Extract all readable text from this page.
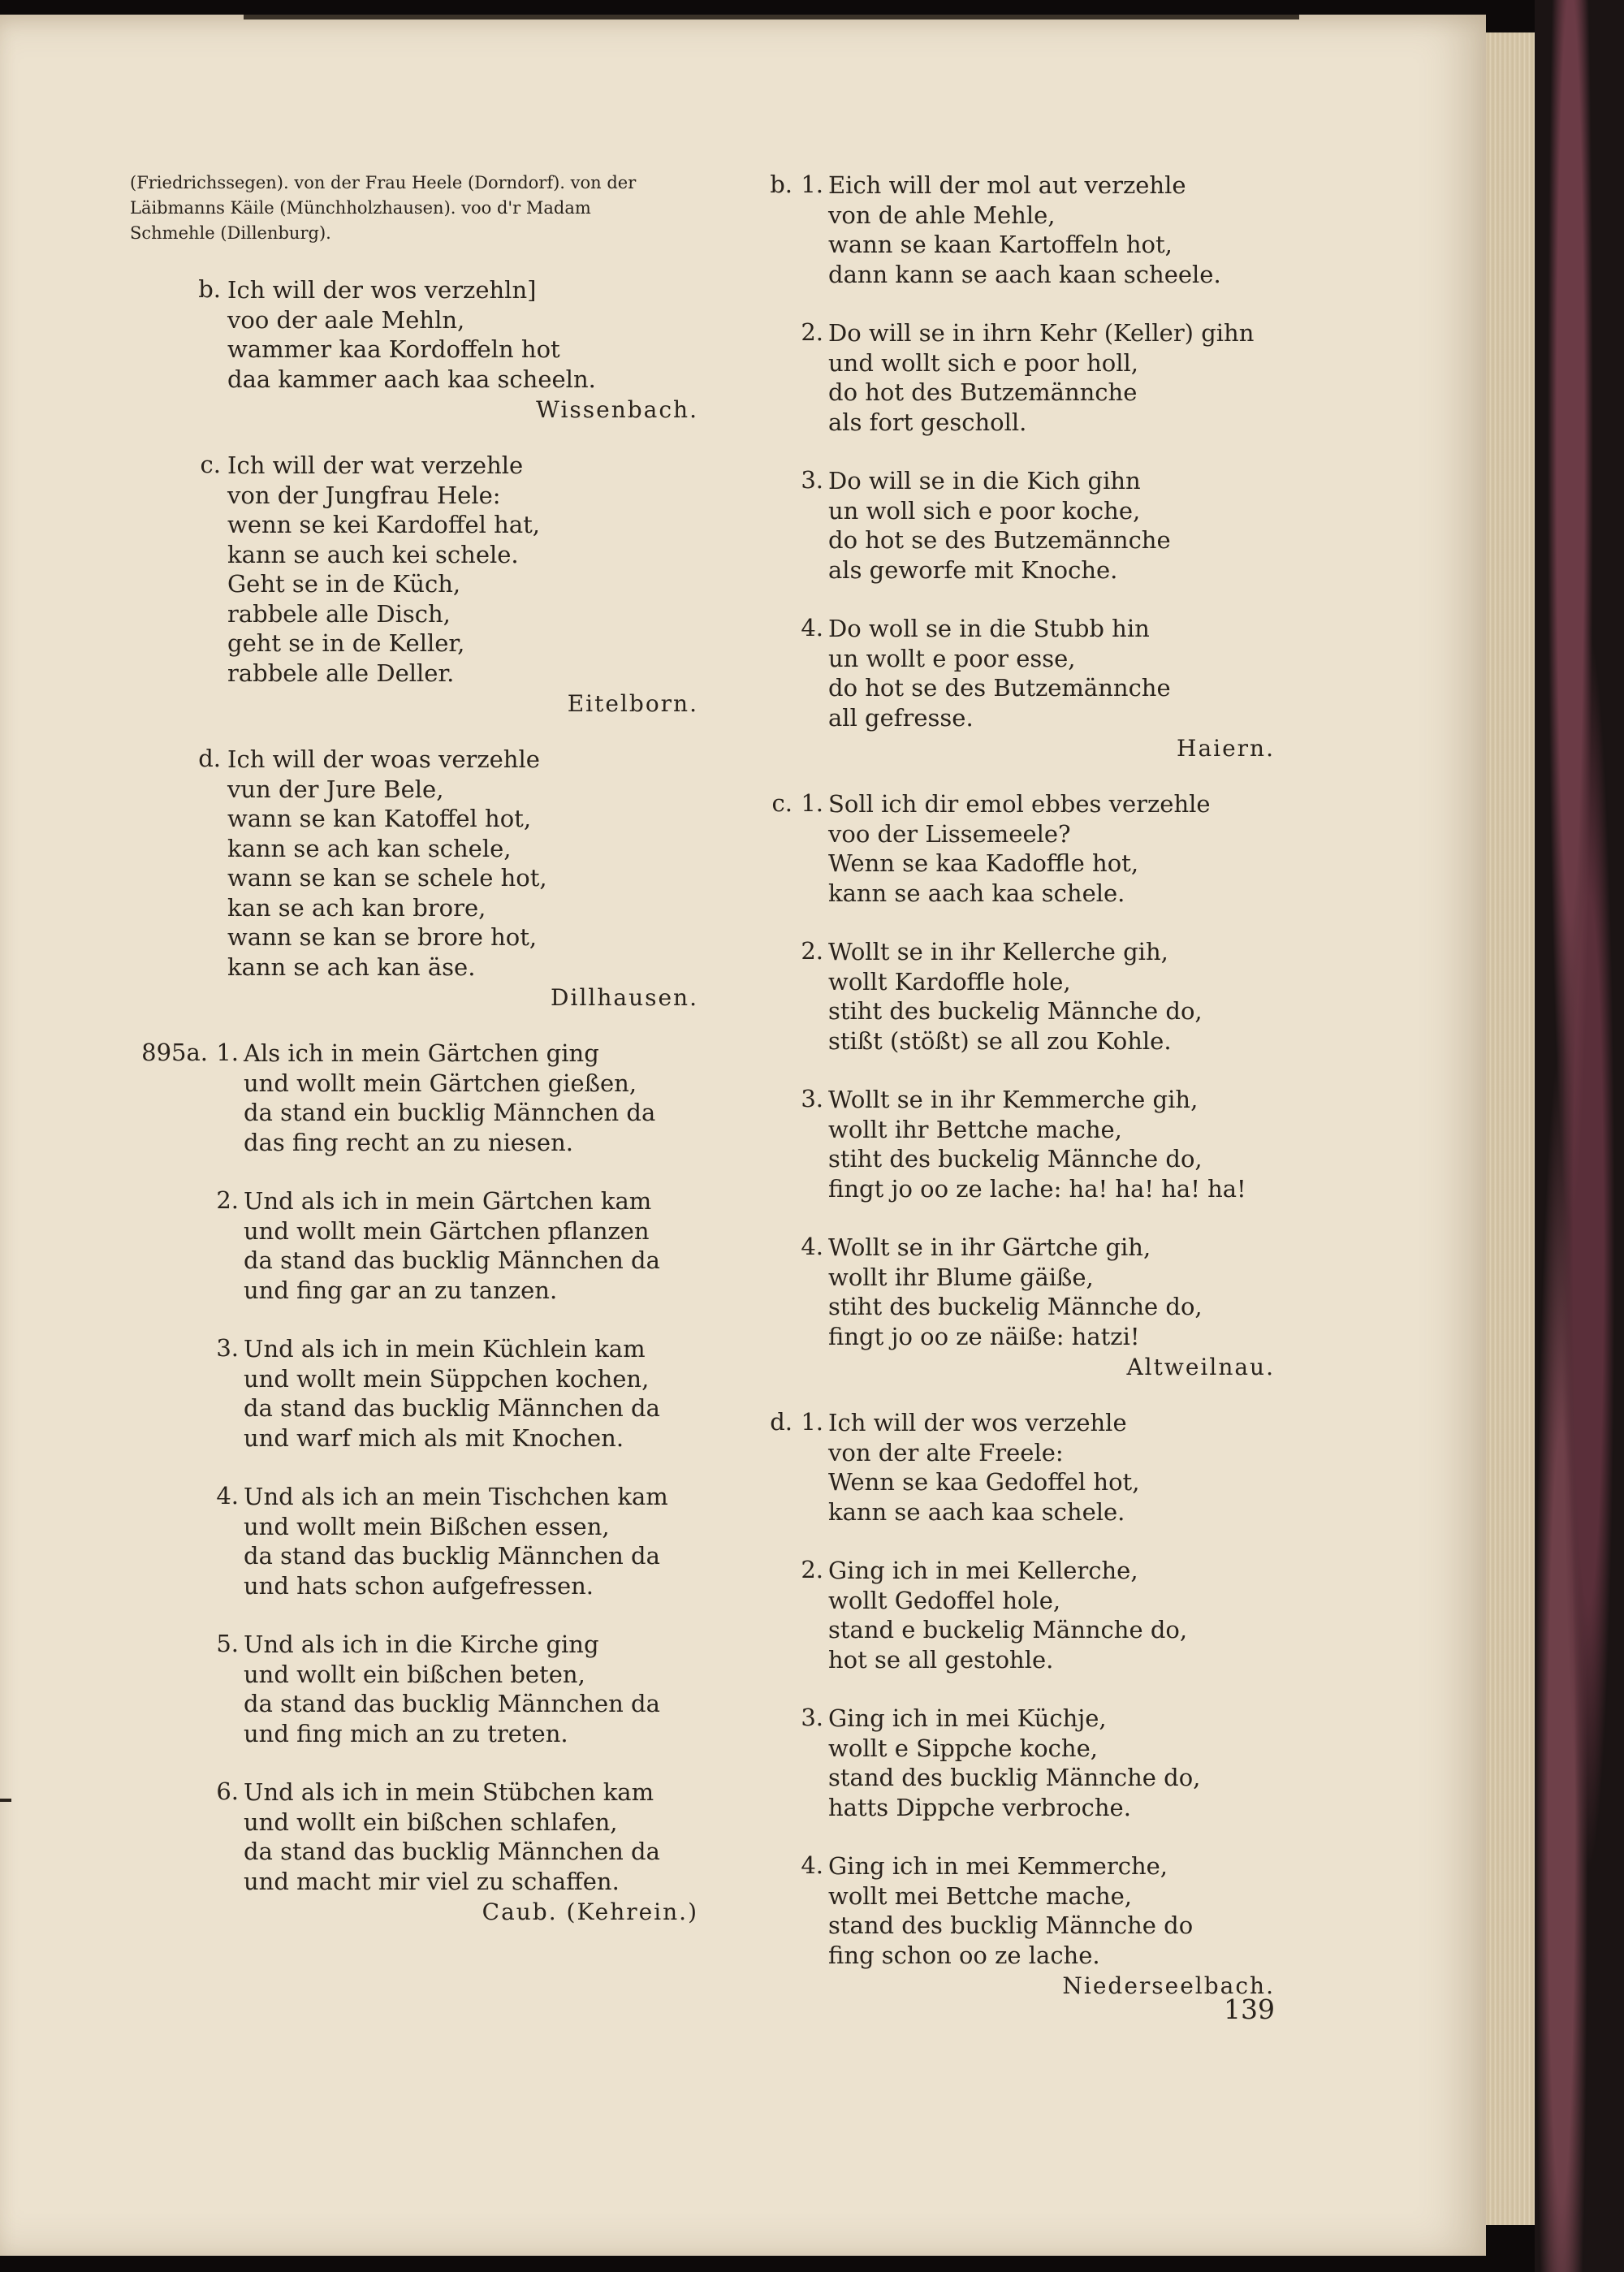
(Friedrichssegen). von der Frau Heele (Dorndorf). von der Läibmanns Käile (Münchholzhausen). voo d'r Madam Schmehle (Dillenburg).
b. Ich will der wos verzehln]
voo der aale Mehln,
wammer kaa Kordoffeln hot
daa kammer aach kaa scheeln.
Wissenbach.
c. Ich will der wat verzehle
von der Jungfrau Hele:
wenn se kei Kardoffel hat,
kann se auch kei schele.
Geht se in de Küch,
rabbele alle Disch,
geht se in de Keller,
rabbele alle Deller.
Eitelborn.
d. Ich will der woas verzehle
vun der Jure Bele,
wann se kan Katoffel hot,
kann se ach kan schele,
wann se kan se schele hot,
kan se ach kan brore,
wann se kan se brore hot,
kann se ach kan äse.
Dillhausen.
895a. 1. Als ich in mein Gärtchen ging
und wollt mein Gärtchen gießen,
da stand ein bucklig Männchen da
das fing recht an zu niesen.
2. Und als ich in mein Gärtchen kam
und wollt mein Gärtchen pflanzen
da stand das bucklig Männchen da
und fing gar an zu tanzen.
3. Und als ich in mein Küchlein kam
und wollt mein Süppchen kochen,
da stand das bucklig Männchen da
und warf mich als mit Knochen.
4. Und als ich an mein Tischchen kam
und wollt mein Bißchen essen,
da stand das bucklig Männchen da
und hats schon aufgefressen.
5. Und als ich in die Kirche ging
und wollt ein bißchen beten,
da stand das bucklig Männchen da
und fing mich an zu treten.
6. Und als ich in mein Stübchen kam
und wollt ein bißchen schlafen,
da stand das bucklig Männchen da
und macht mir viel zu schaffen.
Caub. (Kehrein.)
b. 1. Eich will der mol aut verzehle
von de ahle Mehle,
wann se kaan Kartoffeln hot,
dann kann se aach kaan scheele.
2. Do will se in ihrn Kehr (Keller) gihn
und wollt sich e poor holl,
do hot des Butzemännche
als fort gescholl.
3. Do will se in die Kich gihn
un woll sich e poor koche,
do hot se des Butzemännche
als geworfe mit Knoche.
4. Do woll se in die Stubb hin
un wollt e poor esse,
do hot se des Butzemännche
all gefresse.
Haiern.
c. 1. Soll ich dir emol ebbes verzehle
voo der Lissemeele?
Wenn se kaa Kadoffle hot,
kann se aach kaa schele.
2. Wollt se in ihr Kellerche gih,
wollt Kardoffle hole,
stiht des buckelig Männche do,
stißt (stößt) se all zou Kohle.
3. Wollt se in ihr Kemmerche gih,
wollt ihr Bettche mache,
stiht des buckelig Männche do,
fingt jo oo ze lache: ha! ha! ha! ha!
4. Wollt se in ihr Gärtche gih,
wollt ihr Blume gäiße,
stiht des buckelig Männche do,
fingt jo oo ze näiße: hatzi!
Altweilnau.
d. 1. Ich will der wos verzehle
von der alte Freele:
Wenn se kaa Gedoffel hot,
kann se aach kaa schele.
2. Ging ich in mei Kellerche,
wollt Gedoffel hole,
stand e buckelig Männche do,
hot se all gestohle.
3. Ging ich in mei Küchje,
wollt e Sippche koche,
stand des bucklig Männche do,
hatts Dippche verbroche.
4. Ging ich in mei Kemmerche,
wollt mei Bettche mache,
stand des bucklig Männche do
fing schon oo ze lache.
Niederseelbach.
139
